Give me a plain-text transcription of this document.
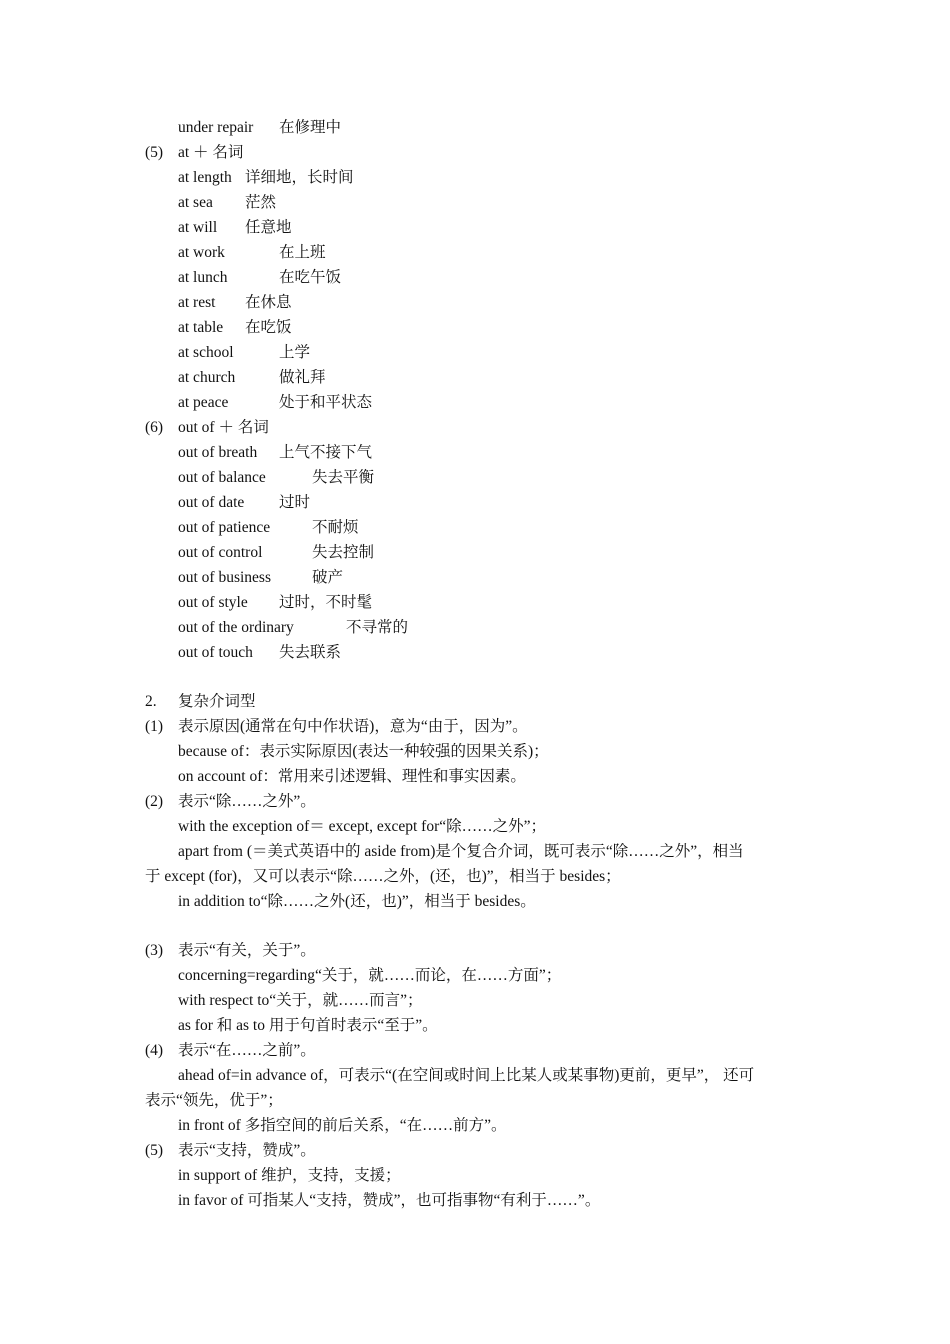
under repair 在修理中
(5) at ＋ 名词
at length 详细地，长时间
at sea 茫然
at will 任意地
at work	在上班
at lunch	在吃午饭
at rest 在休息
at table 在吃饭
at school	上学
at church	做礼拜
at peace	处于和平状态
(6) out of ＋ 名词
out of breath 上气不接下气
out of balance	失去平衡
out of date 过时
out of patience	不耐烦
out of control	失去控制
out of business	破产
out of style 过时，不时髦
out of the ordinary	不寻常的
out of touch 失去联系
2. 复杂介词型
(1) 表示原因(通常在句中作状语)，意为“由于，因为”。
because of：表示实际原因(表达一种较强的因果关系)；
on account of：常用来引述逻辑、理性和事实因素。
(2) 表示“除……之外”。
with the exception of＝ except, except for“除……之外”；
apart from (＝美式英语中的 aside from)是个复合介词，既可表示“除……之外”，相当
于 except (for)，又可以表示“除……之外，(还，也)”，相当于 besides；
in addition to“除……之外(还，也)”，相当于 besides。
(3) 表示“有关，关于”。
concerning=regarding“关于，就……而论，在……方面”；
with respect to“关于，就……而言”；
as for 和 as to 用于句首时表示“至于”。
(4) 表示“在……之前”。
ahead of=in advance of，可表示“(在空间或时间上比某人或某事物)更前，更早”， 还可
表示“领先，优于”；
in front of 多指空间的前后关系，“在……前方”。
(5) 表示“支持，赞成”。
in support of 维护，支持，支援；
in favor of 可指某人“支持，赞成”，也可指事物“有利于……”。
